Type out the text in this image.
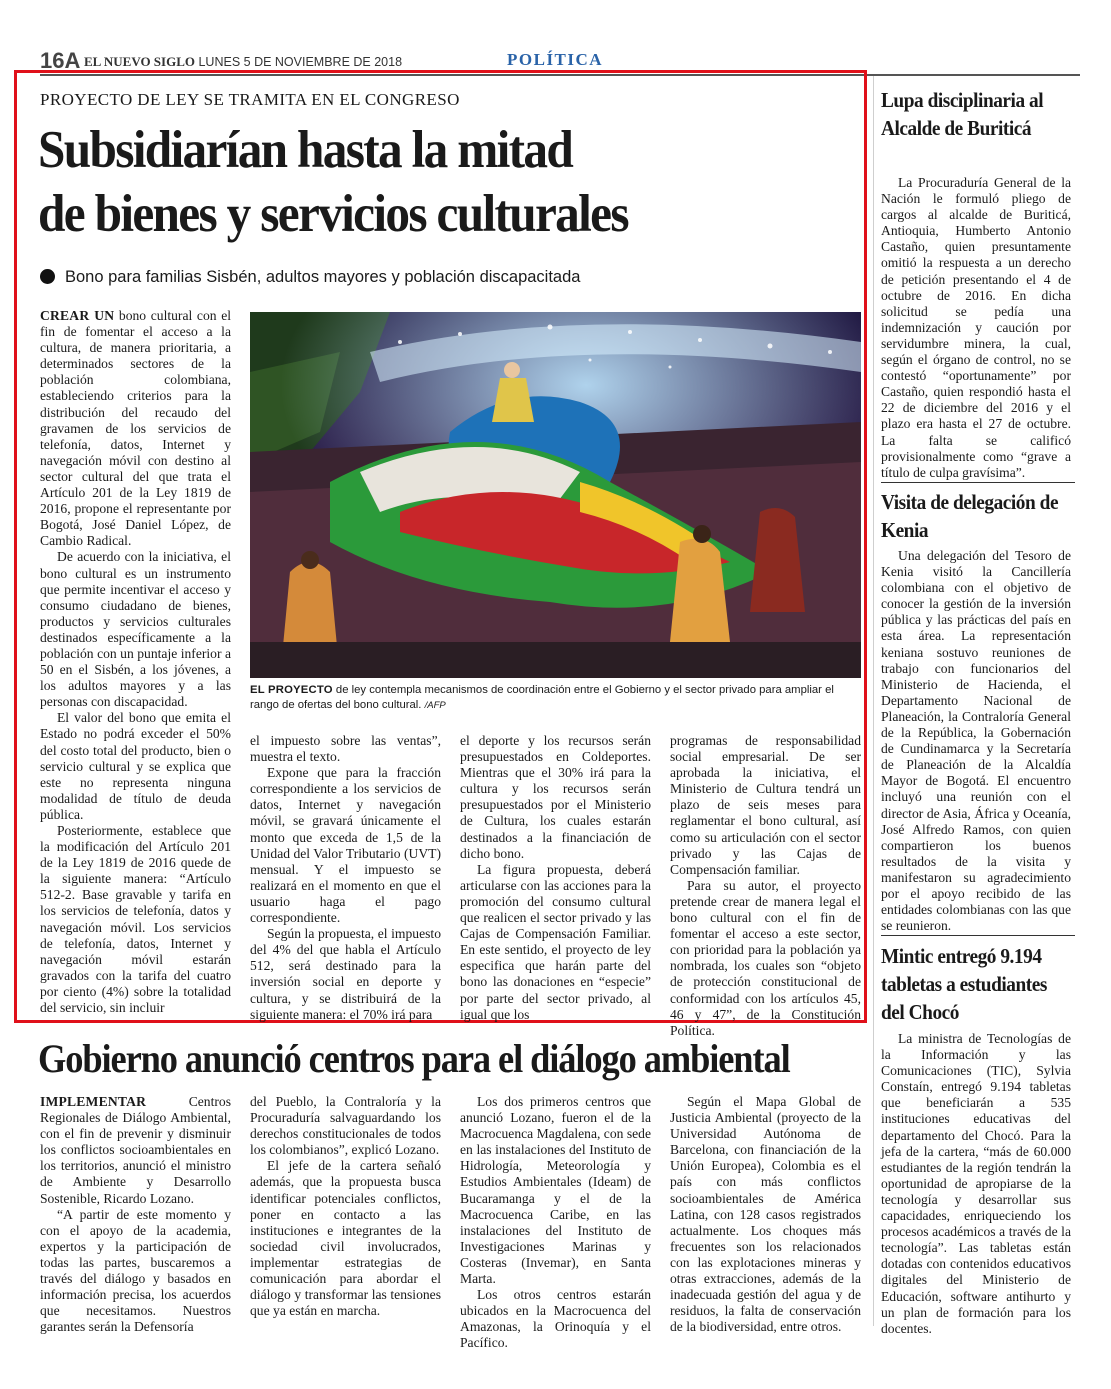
16A EL NUEVO SIGLO LUNES 5 DE NOVIEMBRE DE 2018	POLÍTICA
PROYECTO DE LEY SE TRAMITA EN EL CONGRESO
Subsidiarían hasta la mitad
de bienes y servicios culturales
Bono para familias Sisbén, adultos mayores y población discapacitada

CREAR UN bono cultural con el fin de fomentar el acceso a la cultura, de manera prioritaria, a determinados sectores de la población colombiana, estableciendo criterios para la distribución del recaudo del gravamen de los servicios de telefonía, datos, Internet y navegación móvil con destino al sector cultural del que trata el Artículo 201 de la Ley 1819 de 2016, propone el representante por Bogotá, José Daniel López, de Cambio Radical.

De acuerdo con la iniciativa, el bono cultural es un instrumento que permite incentivar el acceso y consumo ciudadano de bienes, productos y servicios culturales destinados específicamente a la población con un puntaje inferior a 50 en el Sisbén, a los jóvenes, a los adultos mayores y a las personas con discapacidad.

El valor del bono que emita el Estado no podrá exceder el 50% del costo total del producto, bien o servicio cultural y se explica que este no representa ninguna modalidad de título de deuda pública.

Posteriormente, establece que la modificación del Artículo 201 de la Ley 1819 de 2016 quede de la siguiente manera: “Artículo 512-2. Base gravable y tarifa en los servicios de telefonía, datos y navegación móvil. Los servicios de telefonía, datos, Internet y navegación móvil estarán gravados con la tarifa del cuatro por ciento (4%) sobre la totalidad del servicio, sin incluir

EL PROYECTO de ley contempla mecanismos de coordinación entre el Gobierno y el sector privado para ampliar el rango de ofertas del bono cultural. /AFP

el impuesto sobre las ventas”, muestra el texto.

Expone que para la fracción correspondiente a los servicios de datos, Internet y navegación móvil, se gravará únicamente el monto que exceda de 1,5 de la Unidad del Valor Tributario (UVT) mensual. Y el impuesto se realizará en el momento en que el usuario haga el pago correspondiente.

Según la propuesta, el impuesto del 4% del que habla el Artículo 512, será destinado para la inversión social en deporte y cultura, y se distribuirá de la siguiente manera: el 70% irá para

el deporte y los recursos serán presupuestados en Coldeportes. Mientras que el 30% irá para la cultura y los recursos serán presupuestados por el Ministerio de Cultura, los cuales estarán destinados a la financiación de dicho bono.

La figura propuesta, deberá articularse con las acciones para la promoción del consumo cultural que realicen el sector privado y las Cajas de Compensación Familiar. En este sentido, el proyecto de ley especifica que harán parte del bono las donaciones en “especie” por parte del sector privado, al igual que los

programas de responsabilidad social empresarial. De ser aprobada la iniciativa, el Ministerio de Cultura tendrá un plazo de seis meses para reglamentar el bono cultural, así como su articulación con el sector privado y las Cajas de Compensación familiar.

Para su autor, el proyecto pretende crear de manera legal el bono cultural con el fin de fomentar el acceso a este sector, con prioridad para la población ya nombrada, los cuales son “objeto de protección constitucional de conformidad con los artículos 45, 46 y 47”, de la Constitución Política.

Lupa disciplinaria al Alcalde de Buriticá

La Procuraduría General de la Nación le formuló pliego de cargos al alcalde de Buriticá, Antioquia, Humberto Antonio Castaño, quien presuntamente omitió la respuesta a un derecho de petición presentando el 4 de octubre de 2016. En dicha solicitud se pedía una indemnización y caución por servidumbre minera, la cual, según el órgano de control, no se contestó “oportunamente” por Castaño, quien respondió hasta el 22 de diciembre del 2016 y el plazo era hasta el 27 de octubre. La falta se calificó provisionalmente como “grave a título de culpa gravísima”.

Visita de delegación de Kenia

Una delegación del Tesoro de Kenia visitó la Cancillería colombiana con el objetivo de conocer la gestión de la inversión pública y las prácticas del país en esta área. La representación keniana sostuvo reuniones de trabajo con funcionarios del Ministerio de Hacienda, el Departamento Nacional de Planeación, la Contraloría General de la República, la Gobernación de Cundinamarca y la Secretaría de Planeación de la Alcaldía Mayor de Bogotá. El encuentro incluyó una reunión con el director de Asia, África y Oceanía, José Alfredo Ramos, con quien compartieron los buenos resultados de la visita y manifestaron su agradecimiento por el apoyo recibido de las entidades colombianas con las que se reunieron.

Mintic entregó 9.194 tabletas a estudiantes del Chocó

La ministra de Tecnologías de la Información y las Comunicaciones (TIC), Sylvia Constaín, entregó 9.194 tabletas que beneficiarán a 535 instituciones educativas del departamento del Chocó. Para la jefa de la cartera, “más de 60.000 estudiantes de la región tendrán la oportunidad de apropiarse de la tecnología y desarrollar sus capacidades, enriqueciendo los procesos académicos a través de la tecnología”. Las tabletas están dotadas con contenidos educativos digitales del Ministerio de Educación, software antihurto y un plan de formación para los docentes.

Gobierno anunció centros para el diálogo ambiental

IMPLEMENTAR	Centros Regionales de Diálogo Ambiental, con el fin de prevenir y disminuir los conflictos socioambientales en los territorios, anunció el ministro de Ambiente y Desarrollo Sostenible, Ricardo Lozano.

“A partir de este momento y con el apoyo de la academia, expertos y la participación de todas las partes, buscaremos a través del diálogo y basados en información precisa, los acuerdos que necesitamos. Nuestros garantes serán la Defensoría

del Pueblo, la Contraloría y la Procuraduría salvaguardando los derechos constitucionales de todos los colombianos”, explicó Lozano.

El jefe de la cartera señaló además, que la propuesta busca identificar potenciales conflictos, poner en contacto a las instituciones e integrantes de la sociedad civil involucrados, implementar estrategias de comunicación para abordar el diálogo y transformar las tensiones que ya están en marcha.

Los dos primeros centros que anunció Lozano, fueron el de la Macrocuenca Magdalena, con sede en las instalaciones del Instituto de Hidrología, Meteorología y Estudios Ambientales (Ideam) de Bucaramanga y el de la Macrocuenca Caribe, en las instalaciones del Instituto de Investigaciones Marinas y Costeras (Invemar), en Santa Marta.

Los otros centros estarán ubicados en la Macrocuenca del Amazonas, la Orinoquía y el Pacífico.

Según el Mapa Global de Justicia Ambiental (proyecto de la Universidad Autónoma de Barcelona, con financiación de la Unión Europea), Colombia es el país con más conflictos socioambientales de América Latina, con 128 casos registrados actualmente. Los choques más frecuentes son los relacionados con las explotaciones mineras y otras extracciones, además de la inadecuada gestión del agua y de residuos, la falta de conservación de la biodiversidad, entre otros.
